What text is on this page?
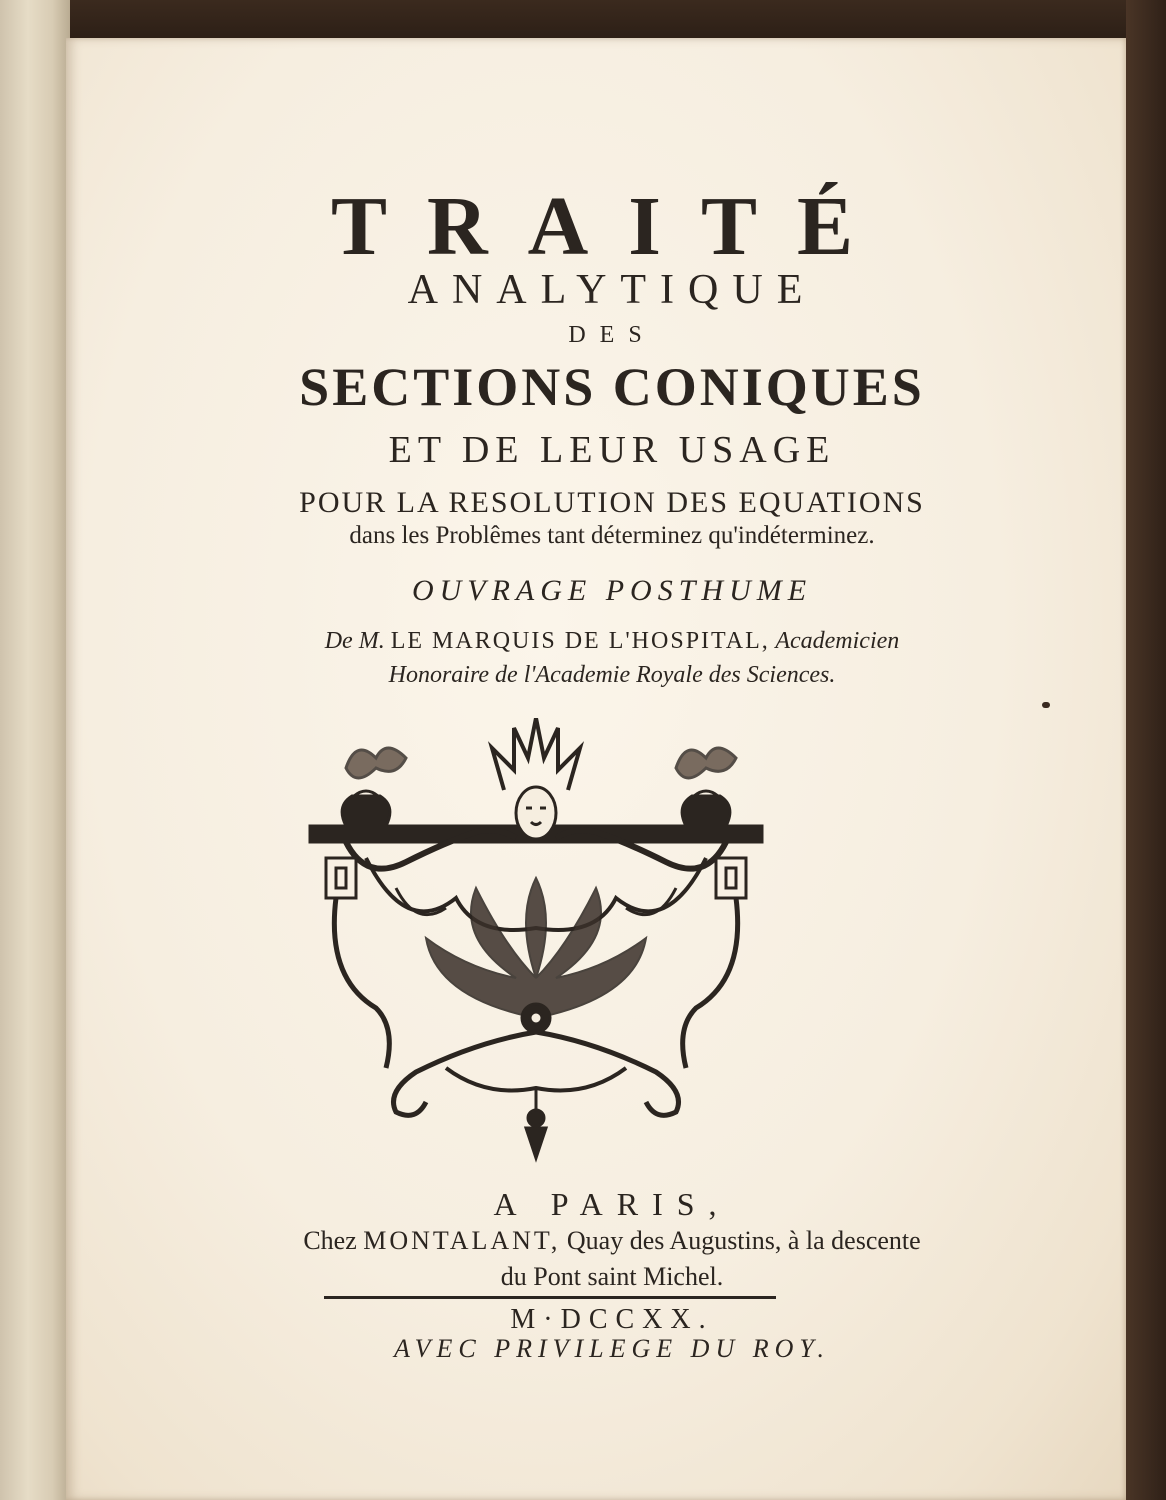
TRAITÉ
ANALYTIQUE
DES
SECTIONS CONIQUES
ET DE LEUR USAGE
POUR LA RESOLUTION DES EQUATIONS
dans les Problêmes tant déterminez qu'indéterminez.
OUVRAGE POSTHUME
De M. LE MARQUIS DE L'HOSPITAL, Academicien
Honoraire de l'Academie Royale des Sciences.
A PARIS,
Chez MONTALANT, Quay des Augustins, à la descente
du Pont saint Michel.
M·DCCXX.
AVEC PRIVILEGE DU ROY.
